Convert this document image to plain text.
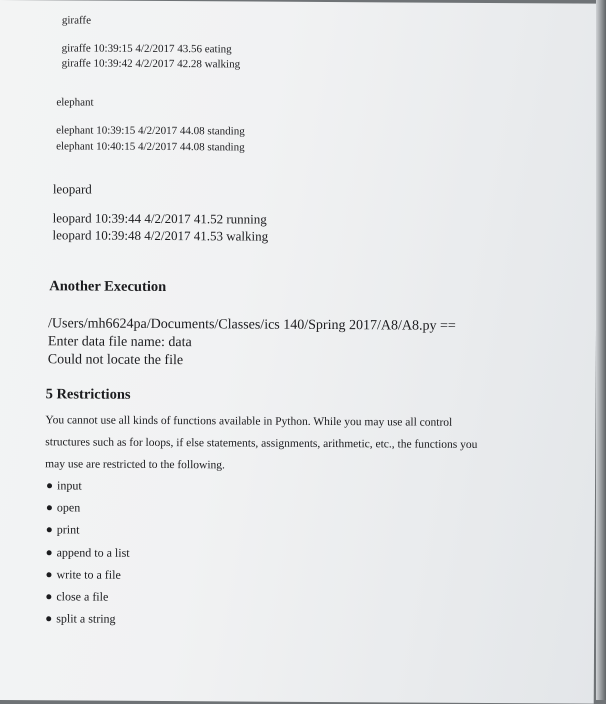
giraffe

giraffe 10:39:15 4/2/2017 43.56 eating

giraffe 10:39:42 4/2/2017 42.28 walking

elephant

elephant 10:39:15 4/2/2017 44.08 standing

elephant 10:40:15 4/2/2017 44.08 standing

leopard

leopard 10:39:44 4/2/2017 41.52 running

leopard 10:39:48 4/2/2017 41.53 walking

Another Execution

/Users/mh6624pa/Documents/Classes/ics 140/Spring 2017/A8/A8.py ==

Enter data file name: data

Could not locate the file

5 Restrictions

You cannot use all kinds of functions available in Python. While you may use all control

structures such as for loops, if else statements, assignments, arithmetic, etc., the functions you

may use are restricted to the following.

input
open
print
append to a list
write to a file
close a file
split a string
